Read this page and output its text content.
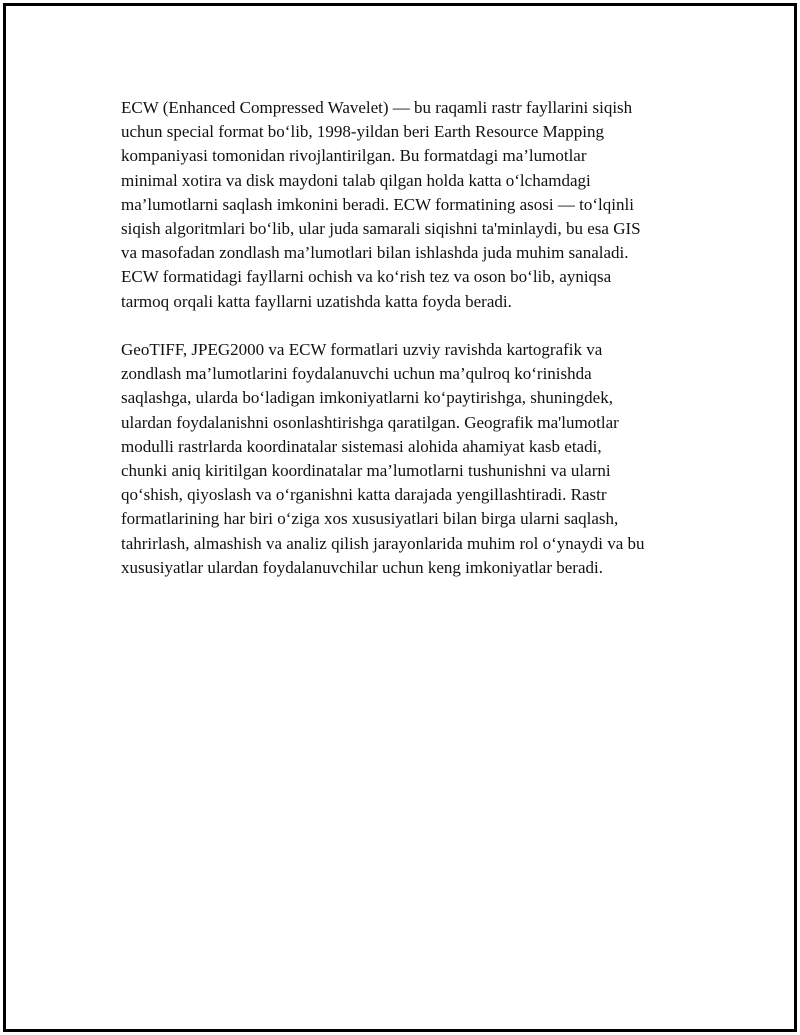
ECW (Enhanced Compressed Wavelet) — bu raqamli rastr fayllarini siqish
uchun special format bo‘lib, 1998-yildan beri Earth Resource Mapping
kompaniyasi tomonidan rivojlantirilgan. Bu formatdagi ma’lumotlar
minimal xotira va disk maydoni talab qilgan holda katta o‘lchamdagi
ma’lumotlarni saqlash imkonini beradi. ECW formatining asosi — to‘lqinli
siqish algoritmlari bo‘lib, ular juda samarali siqishni ta'minlaydi, bu esa GIS
va masofadan zondlash ma’lumotlari bilan ishlashda juda muhim sanaladi.
ECW formatidagi fayllarni ochish va ko‘rish tez va oson bo‘lib, ayniqsa
tarmoq orqali katta fayllarni uzatishda katta foyda beradi.

GeoTIFF, JPEG2000 va ECW formatlari uzviy ravishda kartografik va
zondlash ma’lumotlarini foydalanuvchi uchun ma’qulroq ko‘rinishda
saqlashga, ularda bo‘ladigan imkoniyatlarni ko‘paytirishga, shuningdek,
ulardan foydalanishni osonlashtirishga qaratilgan. Geografik ma'lumotlar
modulli rastrlarda koordinatalar sistemasi alohida ahamiyat kasb etadi,
chunki aniq kiritilgan koordinatalar ma’lumotlarni tushunishni va ularni
qo‘shish, qiyoslash va o‘rganishni katta darajada yengillashtiradi. Rastr
formatlarining har biri o‘ziga xos xususiyatlari bilan birga ularni saqlash,
tahrirlash, almashish va analiz qilish jarayonlarida muhim rol o‘ynaydi va bu
xususiyatlar ulardan foydalanuvchilar uchun keng imkoniyatlar beradi.
